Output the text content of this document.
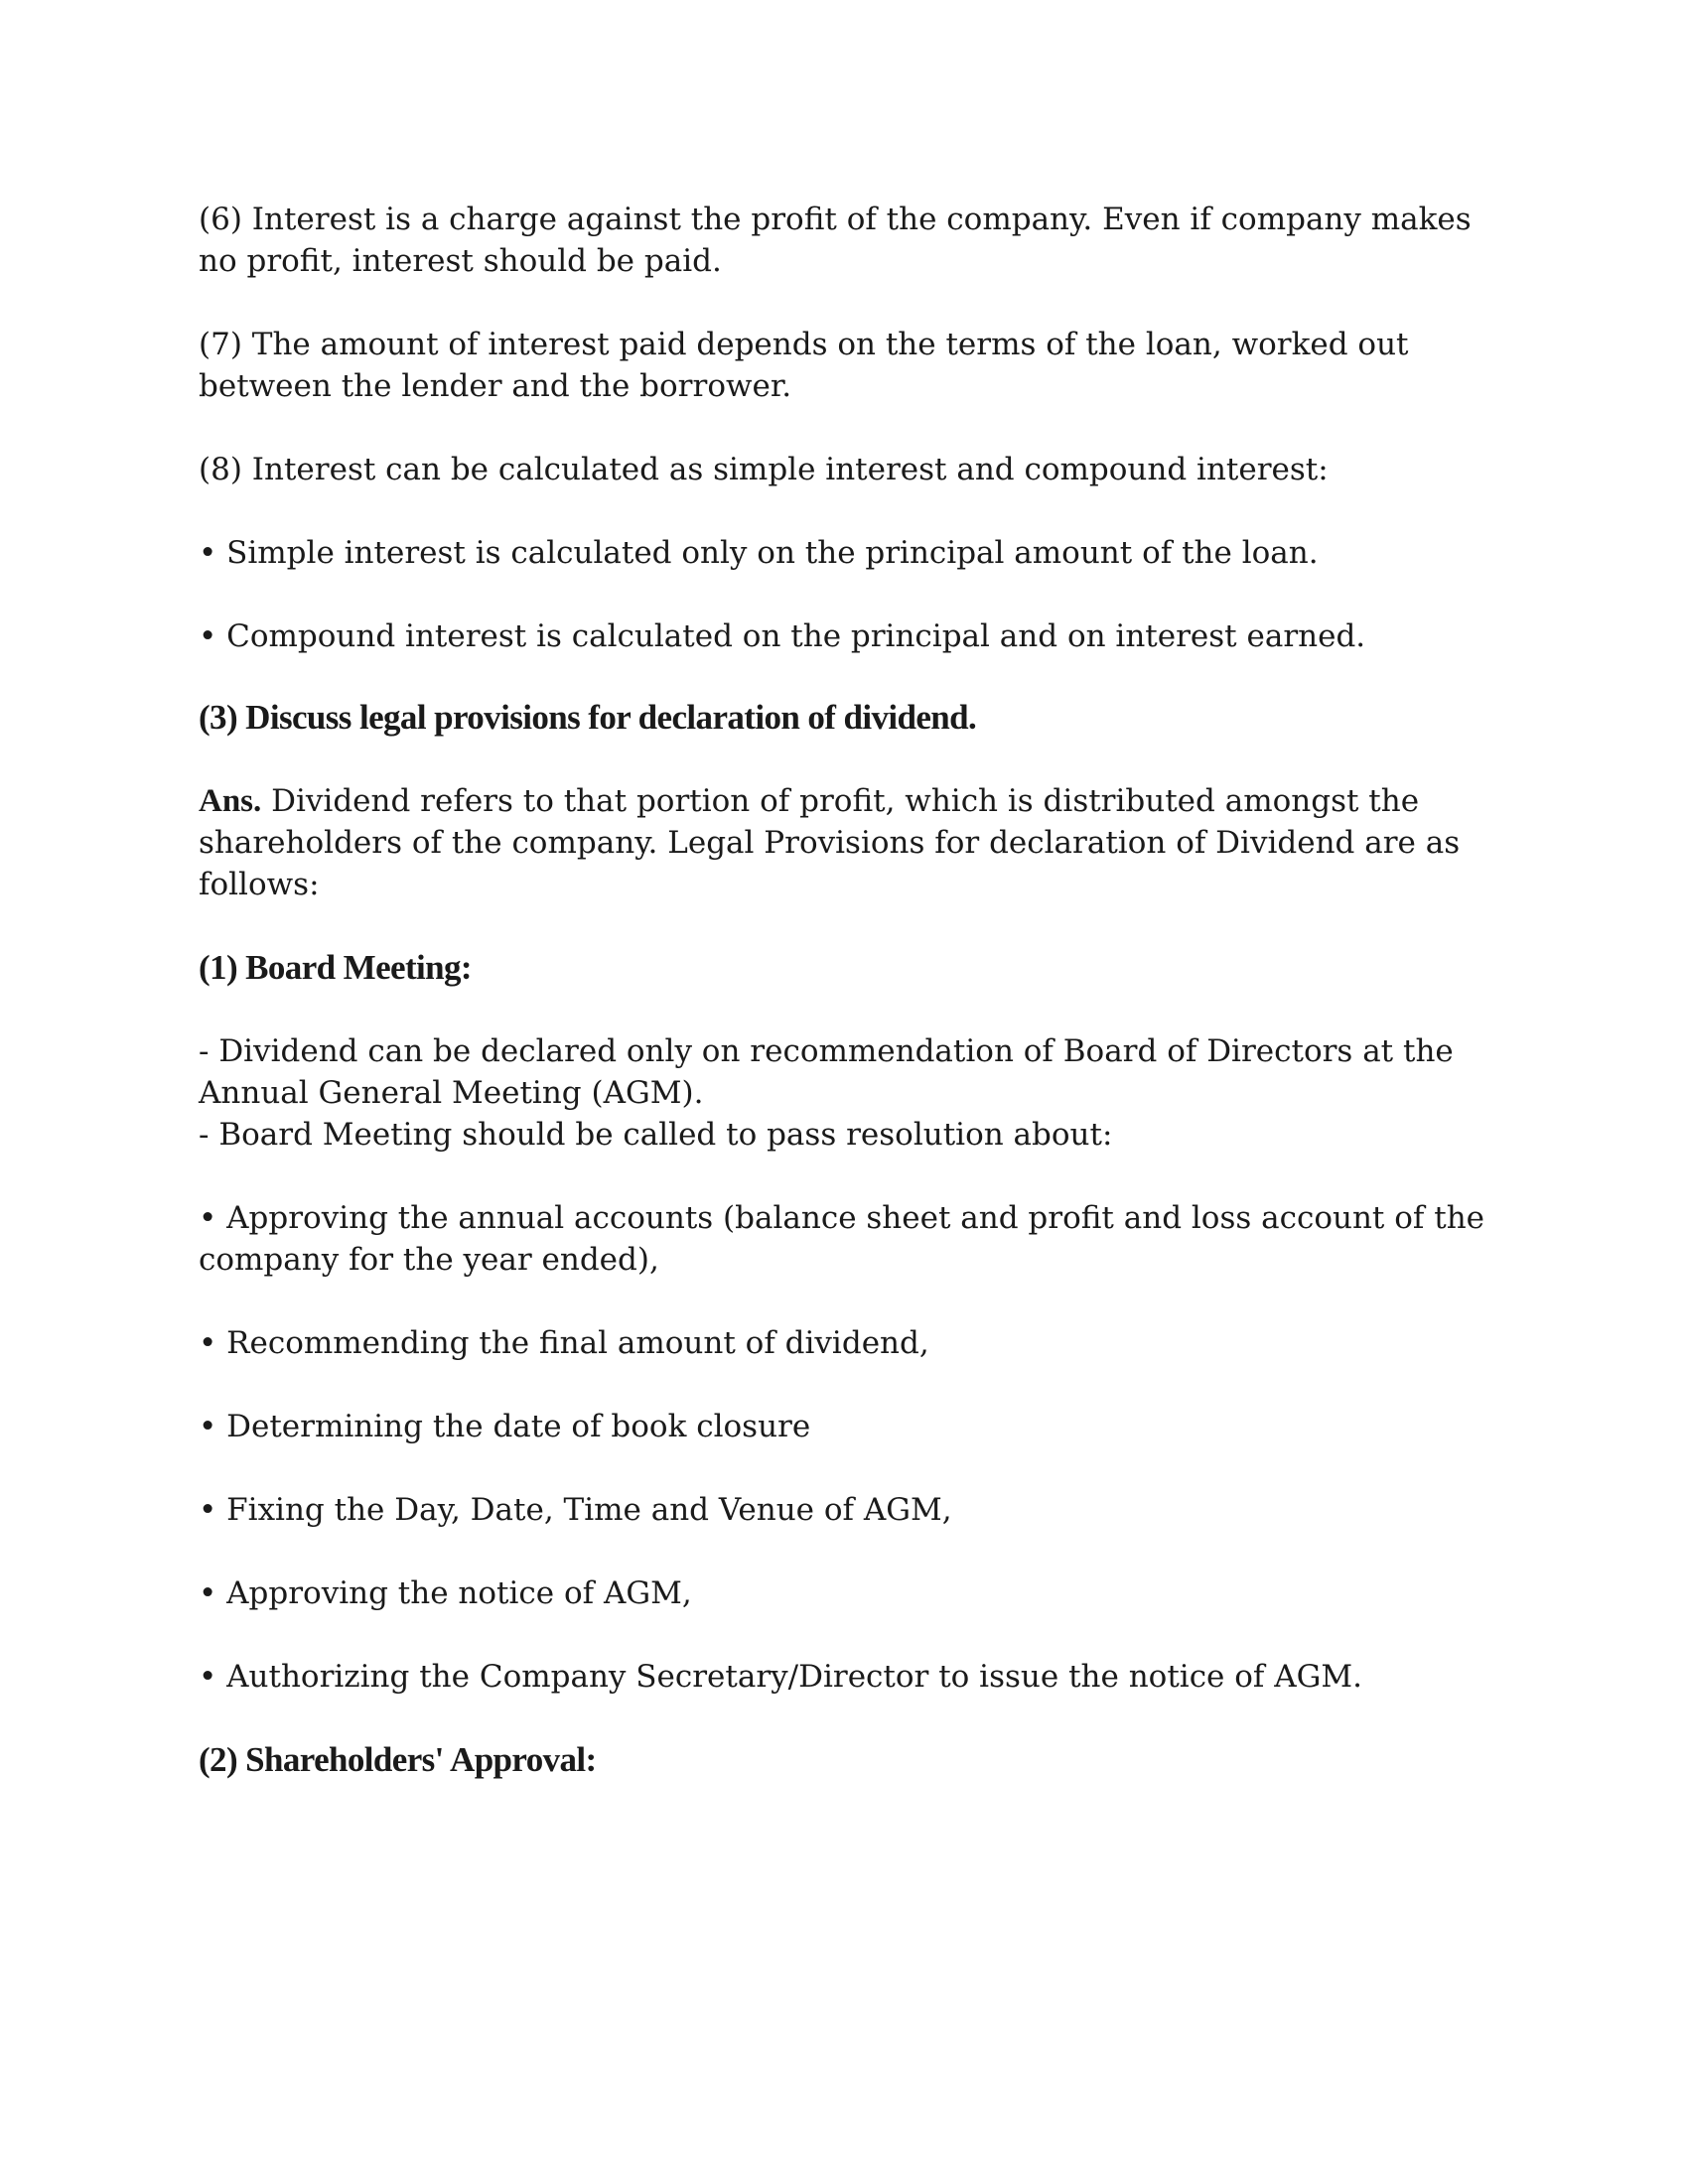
(6) Interest is a charge against the profit of the company. Even if company makes no profit, interest should be paid.

(7) The amount of interest paid depends on the terms of the loan, worked out between the lender and the borrower.

(8) Interest can be calculated as simple interest and compound interest:

• Simple interest is calculated only on the principal amount of the loan.

• Compound interest is calculated on the principal and on interest earned.

(3) Discuss legal provisions for declaration of dividend.

Ans. Dividend refers to that portion of profit, which is distributed amongst the shareholders of the company. Legal Provisions for declaration of Dividend are as follows:

(1) Board Meeting:

- Dividend can be declared only on recommendation of Board of Directors at the Annual General Meeting (AGM).

- Board Meeting should be called to pass resolution about:

• Approving the annual accounts (balance sheet and profit and loss account of the company for the year ended),

• Recommending the final amount of dividend,

• Determining the date of book closure

• Fixing the Day, Date, Time and Venue of AGM,

• Approving the notice of AGM,

• Authorizing the Company Secretary/Director to issue the notice of AGM.

(2) Shareholders' Approval:
